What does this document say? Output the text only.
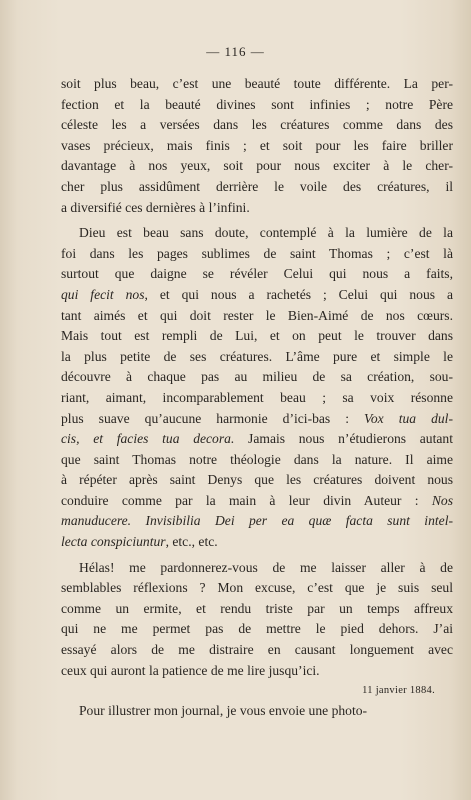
— 116 —
soit plus beau, c’est une beauté toute différente. La per-
fection et la beauté divines sont infinies ; notre Père
céleste les a versées dans les créatures comme dans des
vases précieux, mais finis ; et soit pour les faire briller
davantage à nos yeux, soit pour nous exciter à le cher-
cher plus assidûment derrière le voile des créatures, il
a diversifié ces dernières à l’infini.
Dieu est beau sans doute, contemplé à la lumière de la
foi dans les pages sublimes de saint Thomas ; c’est là
surtout que daigne se révéler Celui qui nous a faits,
qui fecit nos, et qui nous a rachetés ; Celui qui nous a
tant aimés et qui doit rester le Bien-Aimé de nos cœurs.
Mais tout est rempli de Lui, et on peut le trouver dans
la plus petite de ses créatures. L’âme pure et simple le
découvre à chaque pas au milieu de sa création, sou-
riant, aimant, incomparablement beau ; sa voix résonne
plus suave qu’aucune harmonie d’ici-bas : Vox tua dul-
cis, et facies tua decora. Jamais nous n’étudierons autant
que saint Thomas notre théologie dans la nature. Il aime
à répéter après saint Denys que les créatures doivent nous
conduire comme par la main à leur divin Auteur : Nos
manuducere. Invisibilia Dei per ea quæ facta sunt intel-
lecta conspiciuntur, etc., etc.
Hélas! me pardonnerez-vous de me laisser aller à de
semblables réflexions ? Mon excuse, c’est que je suis seul
comme un ermite, et rendu triste par un temps affreux
qui ne me permet pas de mettre le pied dehors. J’ai
essayé alors de me distraire en causant longuement avec
ceux qui auront la patience de me lire jusqu’ici.
11 janvier 1884.
Pour illustrer mon journal, je vous envoie une photo-
